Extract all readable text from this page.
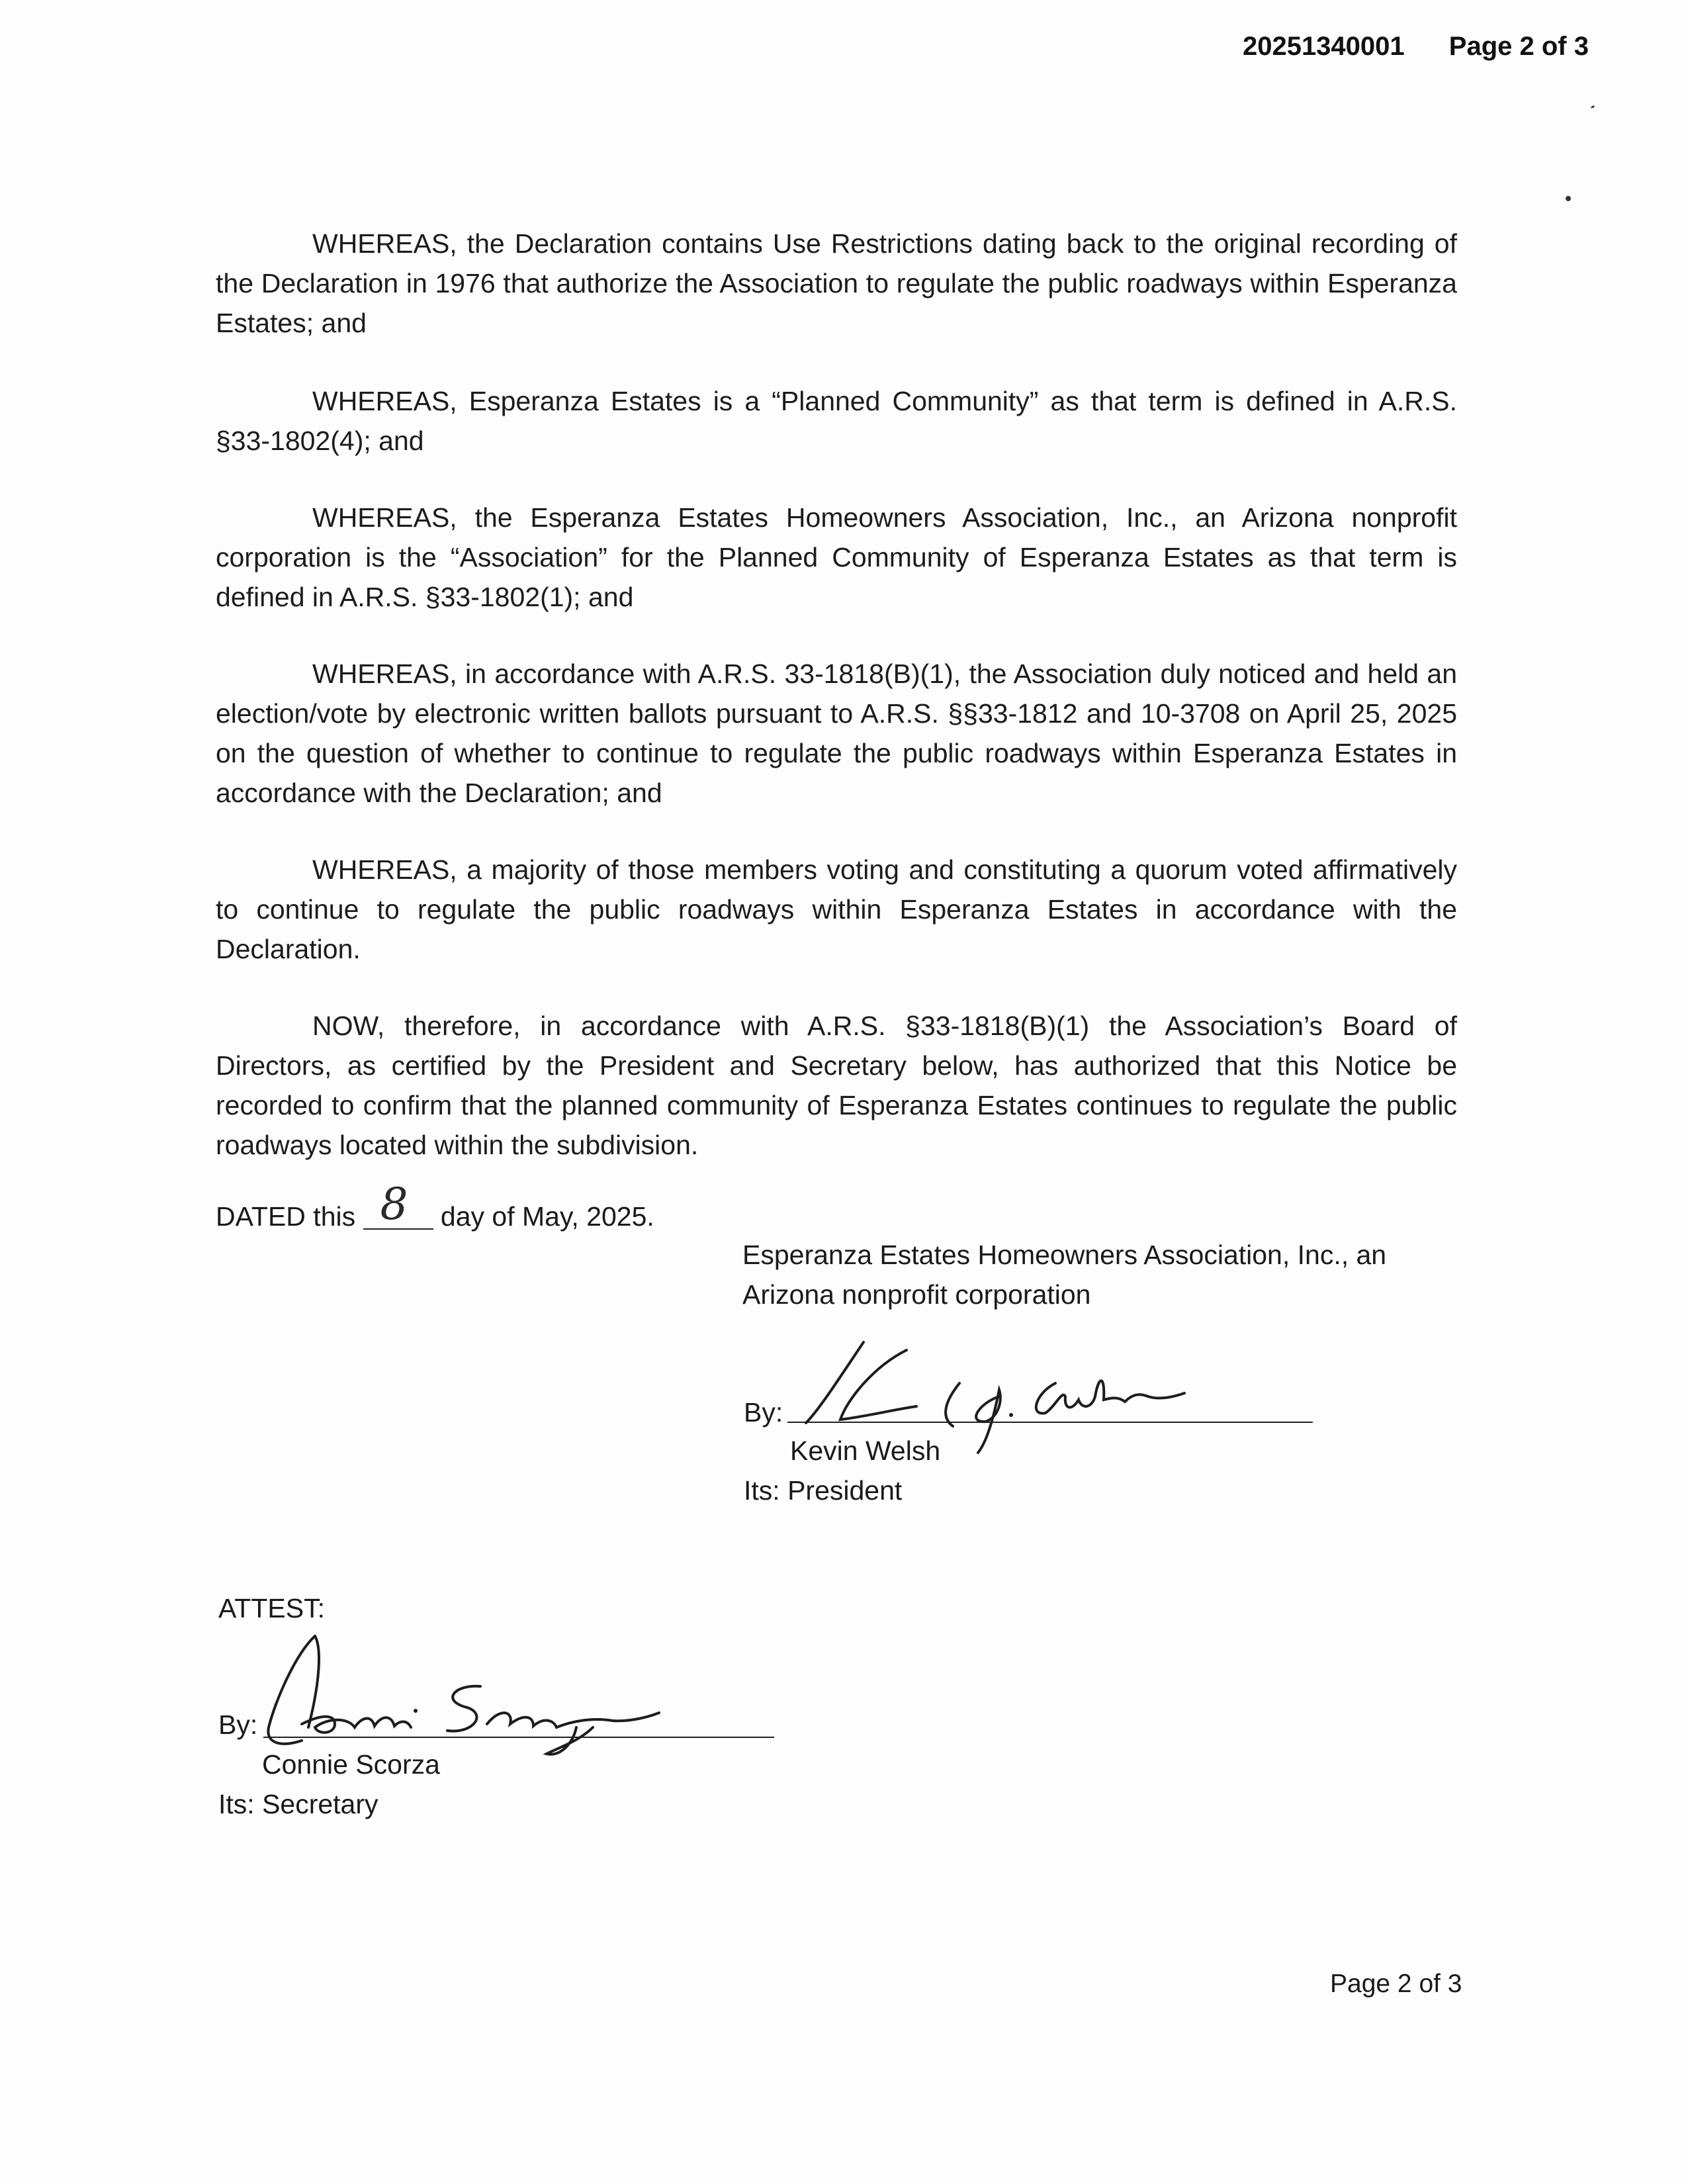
20251340001 Page 2 of 3

WHEREAS, the Declaration contains Use Restrictions dating back to the original recording of the Declaration in 1976 that authorize the Association to regulate the public roadways within Esperanza Estates; and

WHEREAS, Esperanza Estates is a “Planned Community” as that term is defined in A.R.S. §33-1802(4); and

WHEREAS, the Esperanza Estates Homeowners Association, Inc., an Arizona nonprofit corporation is the “Association” for the Planned Community of Esperanza Estates as that term is defined in A.R.S. §33-1802(1); and

WHEREAS, in accordance with A.R.S. 33-1818(B)(1), the Association duly noticed and held an election/vote by electronic written ballots pursuant to A.R.S. §§33-1812 and 10-3708 on April 25, 2025 on the question of whether to continue to regulate the public roadways within Esperanza Estates in accordance with the Declaration; and

WHEREAS, a majority of those members voting and constituting a quorum voted affirmatively to continue to regulate the public roadways within Esperanza Estates in accordance with the Declaration.

NOW, therefore, in accordance with A.R.S. §33-1818(B)(1) the Association’s Board of Directors, as certified by the President and Secretary below, has authorized that this Notice be recorded to confirm that the planned community of Esperanza Estates continues to regulate the public roadways located within the subdivision.

DATED this 8 day of May, 2025.
Esperanza Estates Homeowners Association, Inc., an
Arizona nonprofit corporation
By:
Kevin Welsh
Its: President
ATTEST:
By:
Connie Scorza
Its: Secretary
Page 2 of 3
